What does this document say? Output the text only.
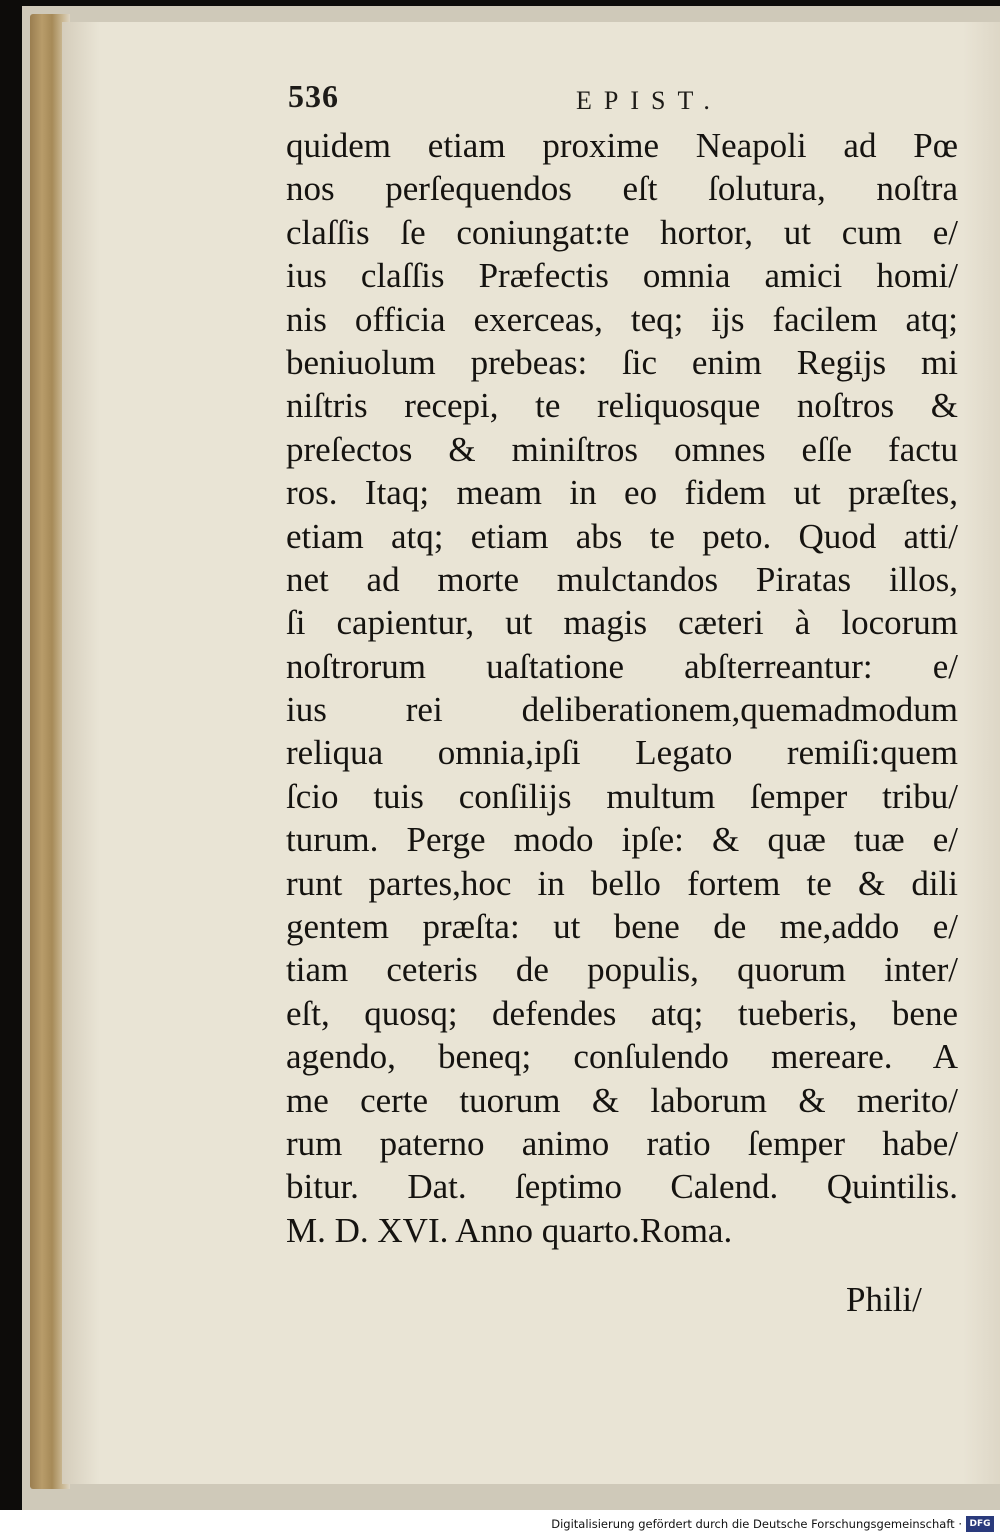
536	EPIST.
quidem etiam proxime Neapoli ad Pœ
nos perſequendos eſt ſolutura, noſtra
claſſis ſe coniungat:te hortor, ut cum e/
ius claſſis Præfectis omnia amici homi/
nis officia exerceas, teq; ijs facilem atq;
beniuolum prebeas: ſic enim Regijs mi
niſtris recepi, te reliquosque noſtros &
preſectos & miniſtros omnes eſſe factu
ros. Itaq; meam in eo fidem ut præſtes,
etiam atq; etiam abs te peto. Quod atti/
net ad morte mulctandos Piratas illos,
ſi capientur, ut magis cæteri à locorum
noſtrorum uaſtatione abſterreantur: e/
ius rei deliberationem,quemadmodum
reliqua omnia,ipſi Legato remiſi:quem
ſcio tuis conſilijs multum ſemper tribu/
turum. Perge modo ipſe: & quæ tuæ e/
runt partes,hoc in bello fortem te & dili
gentem præſta: ut bene de me,addo e/
tiam ceteris de populis, quorum inter/
eſt, quosq; defendes atq; tueberis, bene
agendo, beneq; conſulendo mereare. A
me certe tuorum & laborum & merito/
rum paterno animo ratio ſemper habe/
bitur. Dat. ſeptimo Calend. Quintilis.
M. D. XVI. Anno quarto.Roma.
Phili/
Digitalisierung gefördert durch die Deutsche Forschungsgemeinschaft · DFG
